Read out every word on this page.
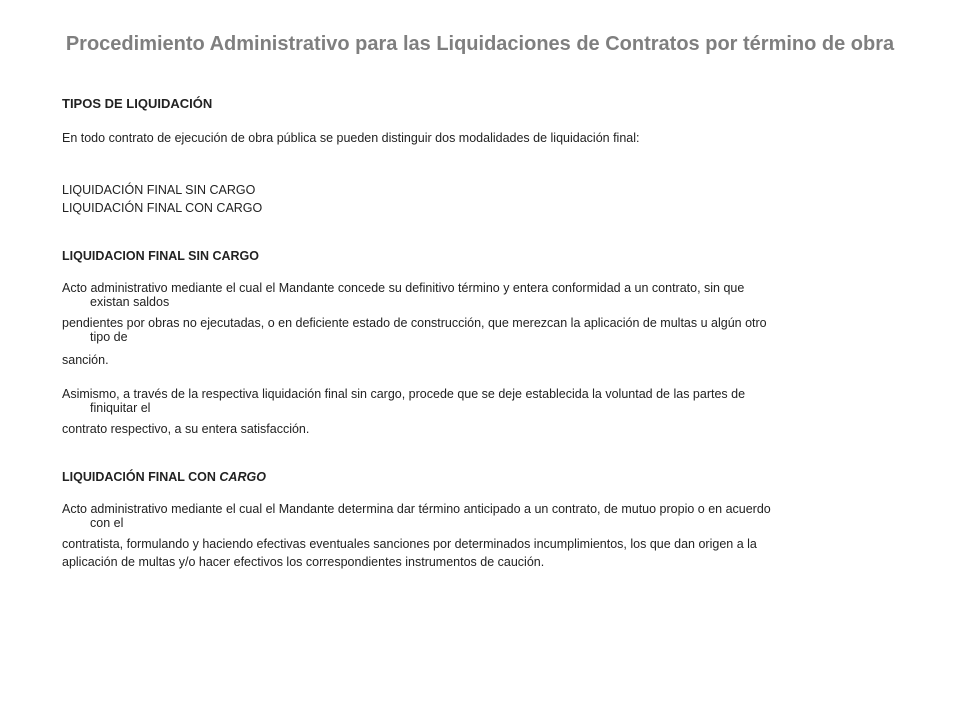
Procedimiento Administrativo para las Liquidaciones de Contratos por término de obra

TIPOS DE LIQUIDACIÓN

En todo contrato de ejecución de obra pública se pueden distinguir dos modalidades de liquidación final:

LIQUIDACIÓN FINAL SIN CARGO

LIQUIDACIÓN FINAL CON CARGO

LIQUIDACION FINAL SIN CARGO

Acto administrativo mediante el cual el Mandante concede su definitivo término y entera conformidad a un contrato, sin que
existan saldos

pendientes por obras no ejecutadas, o en deficiente estado de construcción, que merezcan la aplicación de multas u algún otro
tipo de

sanción.

Asimismo, a través de la respectiva liquidación final sin cargo, procede que se deje establecida la voluntad de las partes de
finiquitar el

contrato respectivo, a su entera satisfacción.

LIQUIDACIÓN FINAL CON CARGO

Acto administrativo mediante el cual el Mandante determina dar término anticipado a un contrato, de mutuo propio o en acuerdo
con el

contratista, formulando y haciendo efectivas eventuales sanciones por determinados incumplimientos, los que dan origen a la

aplicación de multas y/o hacer efectivos los correspondientes instrumentos de caución.
